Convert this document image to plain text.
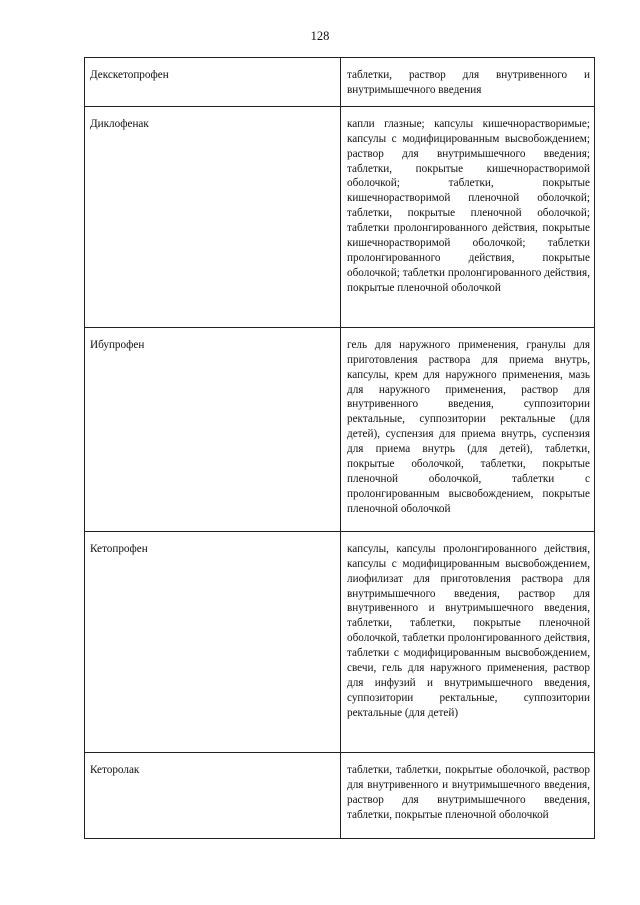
128
Декскетопрофен	таблетки, раствор для внутривенного и внутримышечного введения
Диклофенак	капли глазные; капсулы кишечнорастворимые; капсулы с модифицированным высвобождением; раствор для внутримышечного введения; таблетки, покрытые кишечнорастворимой оболочкой; таблетки, покрытые кишечнорастворимой пленочной оболочкой; таблетки, покрытые пленочной оболочкой; таблетки пролонгированного действия, покрытые кишечнорастворимой оболочкой; таблетки пролонгированного действия, покрытые оболочкой; таблетки пролонгированного действия, покрытые пленочной оболочкой
Ибупрофен	гель для наружного применения, гранулы для приготовления раствора для приема внутрь, капсулы, крем для наружного применения, мазь для наружного применения, раствор для внутривенного введения, суппозитории ректальные, суппозитории ректальные (для детей), суспензия для приема внутрь, суспензия для приема внутрь (для детей), таблетки, покрытые оболочкой, таблетки, покрытые пленочной оболочкой, таблетки с пролонгированным высвобождением, покрытые пленочной оболочкой
Кетопрофен	капсулы, капсулы пролонгированного действия, капсулы с модифицированным высвобождением, лиофилизат для приготовления раствора для внутримышечного введения, раствор для внутривенного и внутримышечного введения, таблетки, таблетки, покрытые пленочной оболочкой, таблетки пролонгированного действия, таблетки с модифицированным высвобождением, свечи, гель для наружного применения, раствор для инфузий и внутримышечного введения, суппозитории ректальные, суппозитории ректальные (для детей)
Кеторолак	таблетки, таблетки, покрытые оболочкой, раствор для внутривенного и внутримышечного введения, раствор для внутримышечного введения, таблетки, покрытые пленочной оболочкой
